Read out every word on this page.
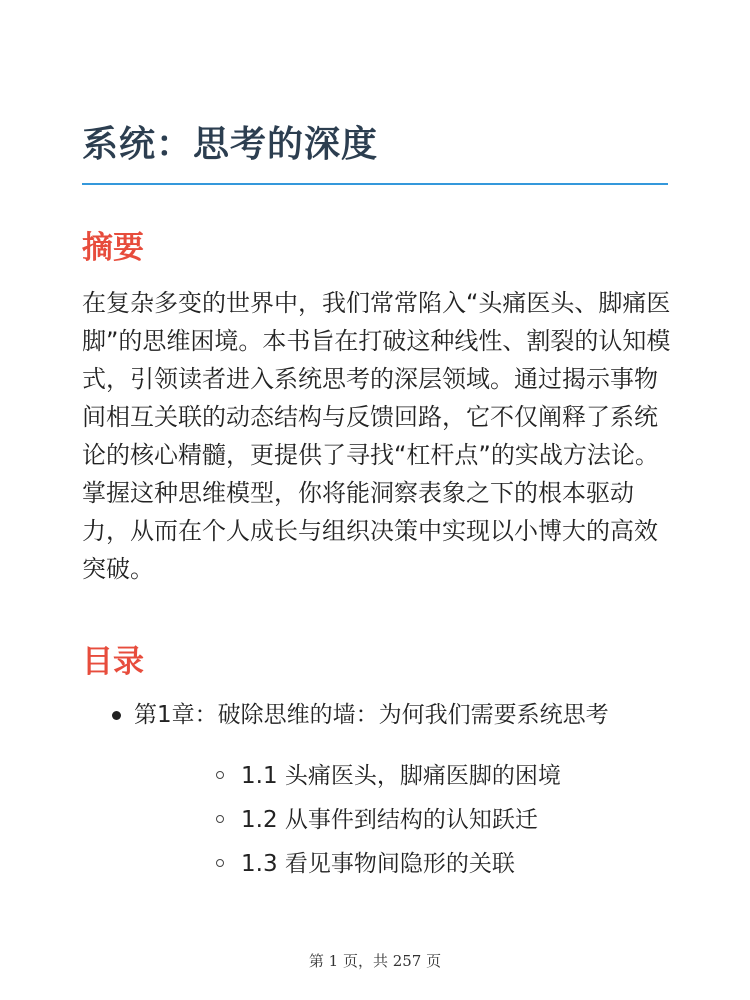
系统：思考的深度
摘要

在复杂多变的世界中，我们常常陷入“头痛医头、脚痛医脚”的思维困境。本书旨在打破这种线性、割裂的认知模式，引领读者进入系统思考的深层领域。通过揭示事物间相互关联的动态结构与反馈回路，它不仅阐释了系统论的核心精髓，更提供了寻找“杠杆点”的实战方法论。掌握这种思维模型，你将能洞察表象之下的根本驱动力，从而在个人成长与组织决策中实现以小博大的高效突破。

目录
第1章：破除思维的墙：为何我们需要系统思考
1.1 头痛医头，脚痛医脚的困境
1.2 从事件到结构的认知跃迁
1.3 看见事物间隐形的关联
第 1 页，共 257 页
